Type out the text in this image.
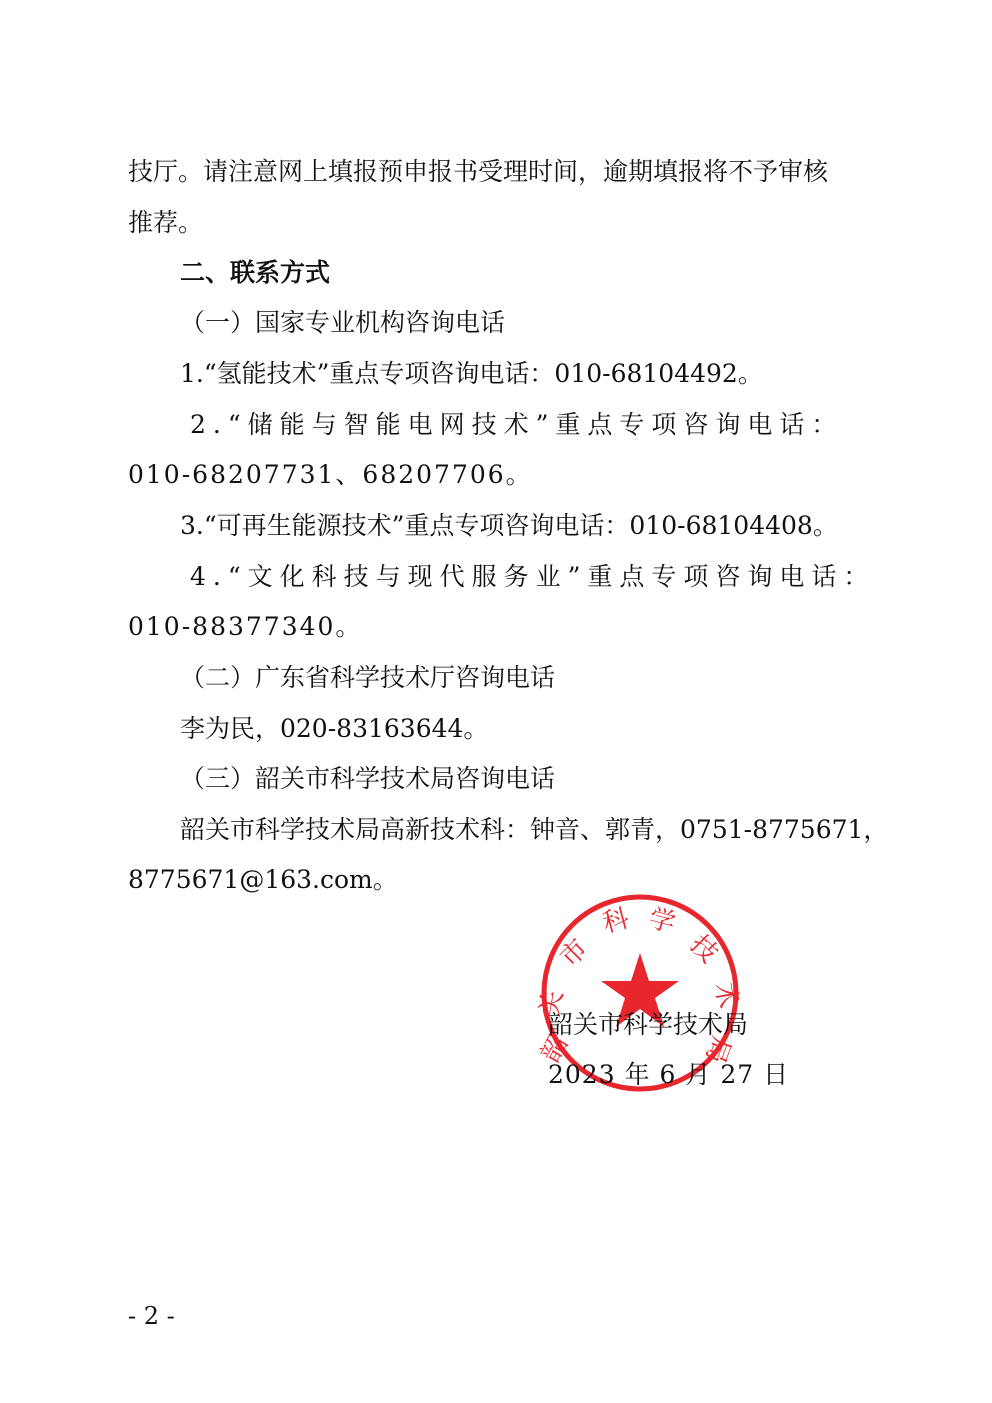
技厅。请注意网上填报预申报书受理时间，逾期填报将不予审核
推荐。
二、联系方式
（一）国家专业机构咨询电话
1.“氢能技术”重点专项咨询电话：010-68104492。
2.“储能与智能电网技术”重点专项咨询电话：
010-68207731、68207706。
3.“可再生能源技术”重点专项咨询电话：010-68104408。
4.“文化科技与现代服务业”重点专项咨询电话：
010-88377340。
（二）广东省科学技术厅咨询电话
李为民，020-83163644。
（三）韶关市科学技术局咨询电话
韶关市科学技术局高新技术科：钟音、郭青，0751-8775671，
8775671@163.com。
韶
关
市
科 学
技
术
局
韶关市科学技术局
2023 年 6 月 27 日
- 2 -
